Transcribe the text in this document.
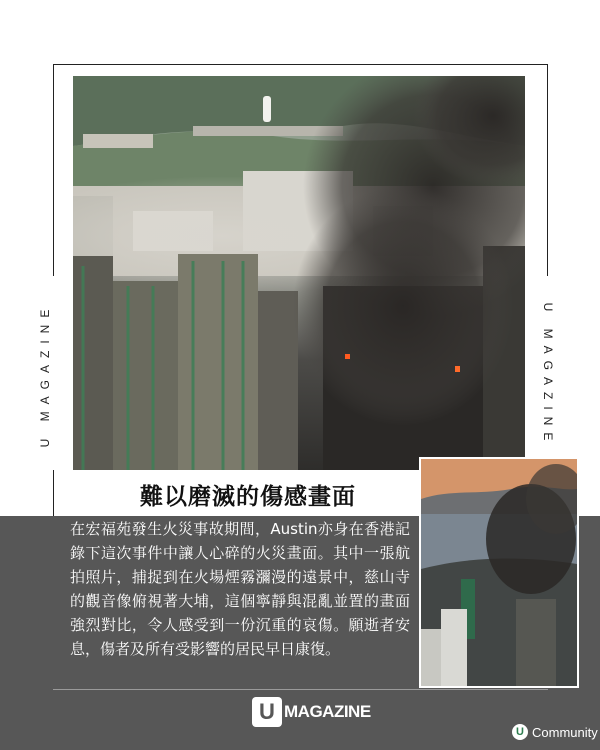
U MAGAZINE	U MAGAZINE
難以磨滅的傷感畫面
在宏福苑發生火災事故期間，Austin亦身在香港記錄下這次事件中讓人心碎的火災畫面。其中一張航拍照片，捕捉到在火場煙霧瀰漫的遠景中，慈山寺的觀音像俯視著大埔，這個寧靜與混亂並置的畫面強烈對比，令人感受到一份沉重的哀傷。願逝者安息，傷者及所有受影響的居民早日康復。
U MAGAZINE
U Community
